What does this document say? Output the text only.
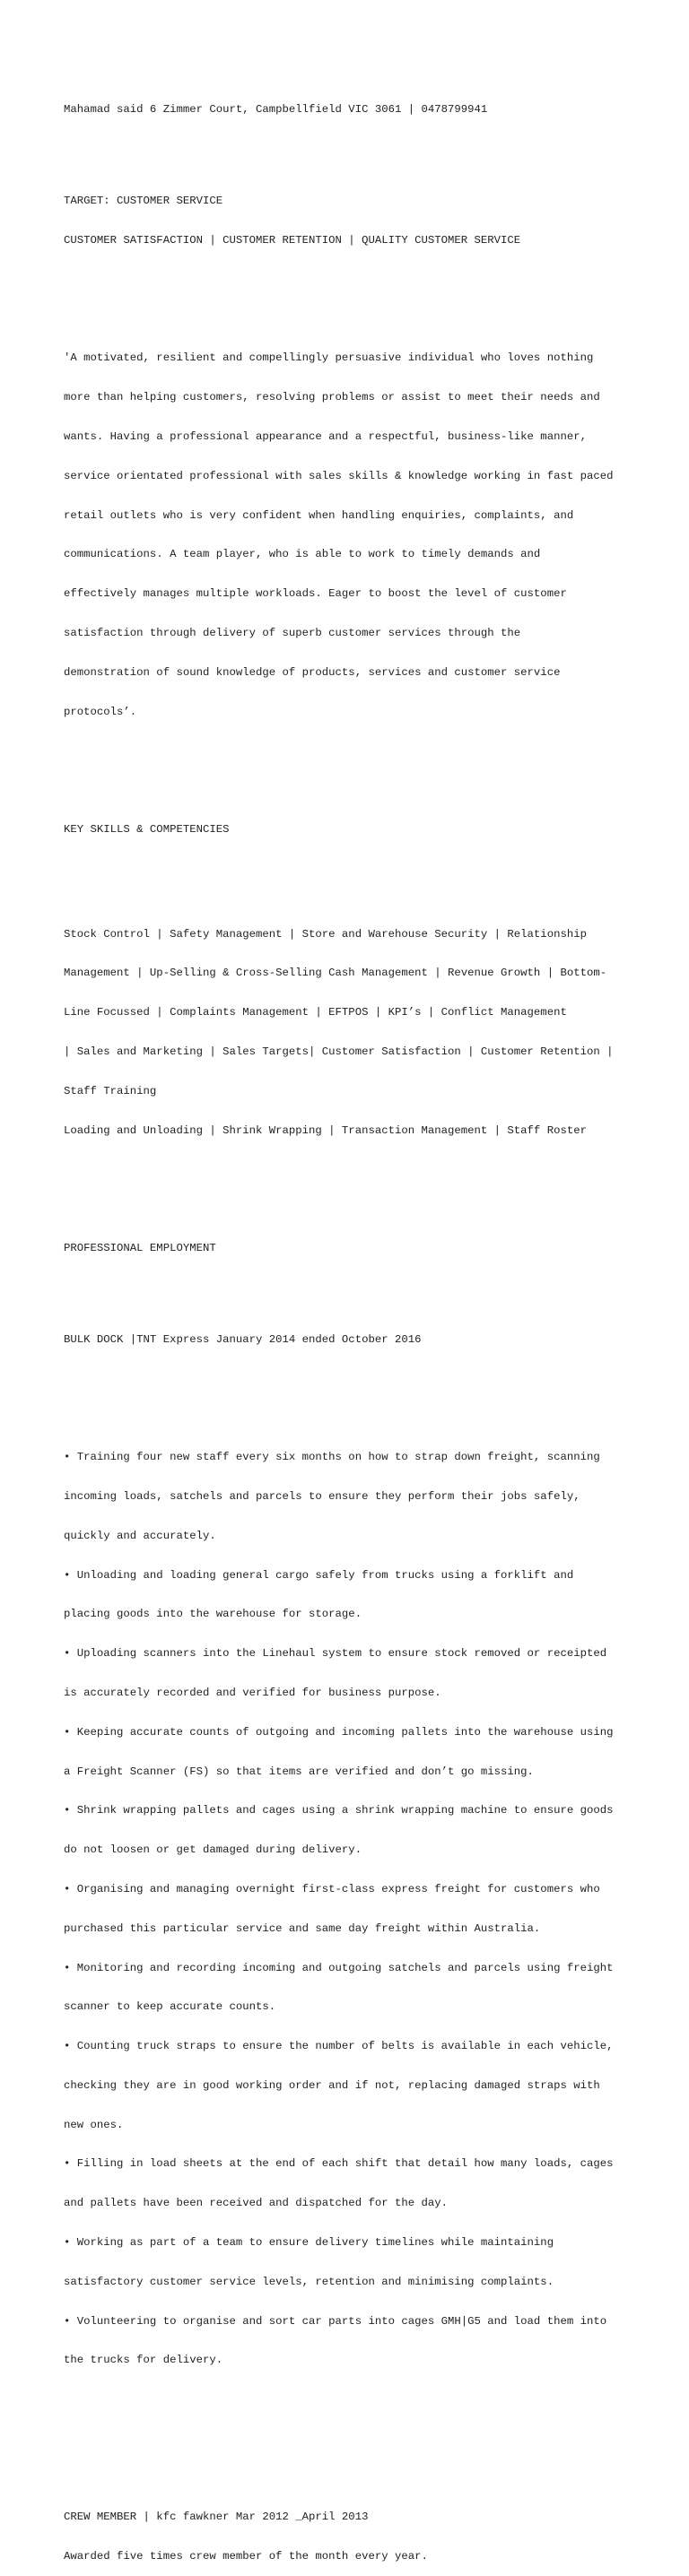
Mahamad said 6 Zimmer Court, Campbellfield VIC 3061 | 0478799941

TARGET: CUSTOMER SERVICE

CUSTOMER SATISFACTION | CUSTOMER RETENTION | QUALITY CUSTOMER SERVICE

'A motivated, resilient and compellingly persuasive individual who loves nothing

more than helping customers, resolving problems or assist to meet their needs and

wants. Having a professional appearance and a respectful, business-like manner,

service orientated professional with sales skills & knowledge working in fast paced

retail outlets who is very confident when handling enquiries, complaints, and

communications. A team player, who is able to work to timely demands and

effectively manages multiple workloads. Eager to boost the level of customer

satisfaction through delivery of superb customer services through the

demonstration of sound knowledge of products, services and customer service

protocols’.

KEY SKILLS & COMPETENCIES

Stock Control | Safety Management | Store and Warehouse Security | Relationship

Management | Up-Selling & Cross-Selling Cash Management | Revenue Growth | Bottom-

Line Focussed | Complaints Management | EFTPOS | KPI’s | Conflict Management

| Sales and Marketing | Sales Targets| Customer Satisfaction | Customer Retention |

Staff Training

Loading and Unloading | Shrink Wrapping | Transaction Management | Staff Roster

PROFESSIONAL EMPLOYMENT

BULK DOCK |TNT Express January 2014 ended October 2016

• Training four new staff every six months on how to strap down freight, scanning

incoming loads, satchels and parcels to ensure they perform their jobs safely,

quickly and accurately.

• Unloading and loading general cargo safely from trucks using a forklift and

placing goods into the warehouse for storage.

• Uploading scanners into the Linehaul system to ensure stock removed or receipted

is accurately recorded and verified for business purpose.

• Keeping accurate counts of outgoing and incoming pallets into the warehouse using

a Freight Scanner (FS) so that items are verified and don’t go missing.

• Shrink wrapping pallets and cages using a shrink wrapping machine to ensure goods

do not loosen or get damaged during delivery.

• Organising and managing overnight first-class express freight for customers who

purchased this particular service and same day freight within Australia.

• Monitoring and recording incoming and outgoing satchels and parcels using freight

scanner to keep accurate counts.

• Counting truck straps to ensure the number of belts is available in each vehicle,

checking they are in good working order and if not, replacing damaged straps with

new ones.

• Filling in load sheets at the end of each shift that detail how many loads, cages

and pallets have been received and dispatched for the day.

• Working as part of a team to ensure delivery timelines while maintaining

satisfactory customer service levels, retention and minimising complaints.

• Volunteering to organise and sort car parts into cages GMH|G5 and load them into

the trucks for delivery.

CREW MEMBER | kfc fawkner Mar 2012 _April 2013

Awarded five times crew member of the month every year.
